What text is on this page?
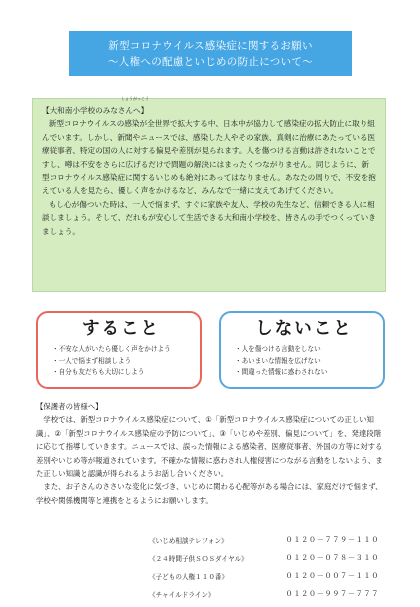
新型コロナウイルス感染症に関するお願い
～人権への配慮といじめの防止について～
しょうがっこう
【大和南小学校のみなさんへ】
新型コロナウイルスの感染が全世界で拡大する中、日本中が協力して感染症の拡大防止に取り組んでいます。しかし、新聞やニュースでは、感染した人やその家族、真剣に治療にあたっている医療従事者、特定の国の人に対する偏見や差別が見られます。人を傷つける言動は許されないことですし、噂は不安をさらに広げるだけで問題の解決にはまったくつながりません。同じように、新型コロナウイルス感染症に関するいじめも絶対にあってはなりません。あなたの周りで、不安を抱えている人を見たら、優しく声をかけるなど、みんなで一緒に支えてあげてください。
もし心が傷ついた時は、一人で悩まず、すぐに家族や友人、学校の先生など、信頼できる人に相談しましょう。そして、だれもが安心して生活できる大和南小学校を、皆さんの手でつくっていきましょう。
すること
・不安な人がいたら優しく声をかけよう
・一人で悩まず相談しよう
・自分も友だちも大切にしよう
しないこと
・人を傷つける言動をしない
・あいまいな情報を広げない
・間違った情報に惑わされない
【保護者の皆様へ】
学校では、新型コロナウイルス感染症について、①「新型コロナウイルス感染症についての正しい知識」、②「新型コロナウイルス感染症の予防について」、③「いじめや差別、偏見について」を、発達段階に応じて指導していきます。ニュースでは、誤った情報による感染者、医療従事者、外国の方等に対する差別やいじめ等が報道されています。不確かな情報に惑わされ人権侵害につながる言動をしないよう、また正しい知識と認識が得られるようお話し合いください。
また、お子さんのささいな変化に気づき、いじめに関わる心配等がある場合には、家庭だけで悩まず、学校や関係機関等と連携をとるようにお願いします。
《いじめ相談テレフォン》	０１２０－７７９－１１０
《２４時間子供ＳＯＳダイヤル》	０１２０－０７８－３１０
《子どもの人権１１０番》	０１２０－００７－１１０
《チャイルドライン》	０１２０－９９７－７７７
